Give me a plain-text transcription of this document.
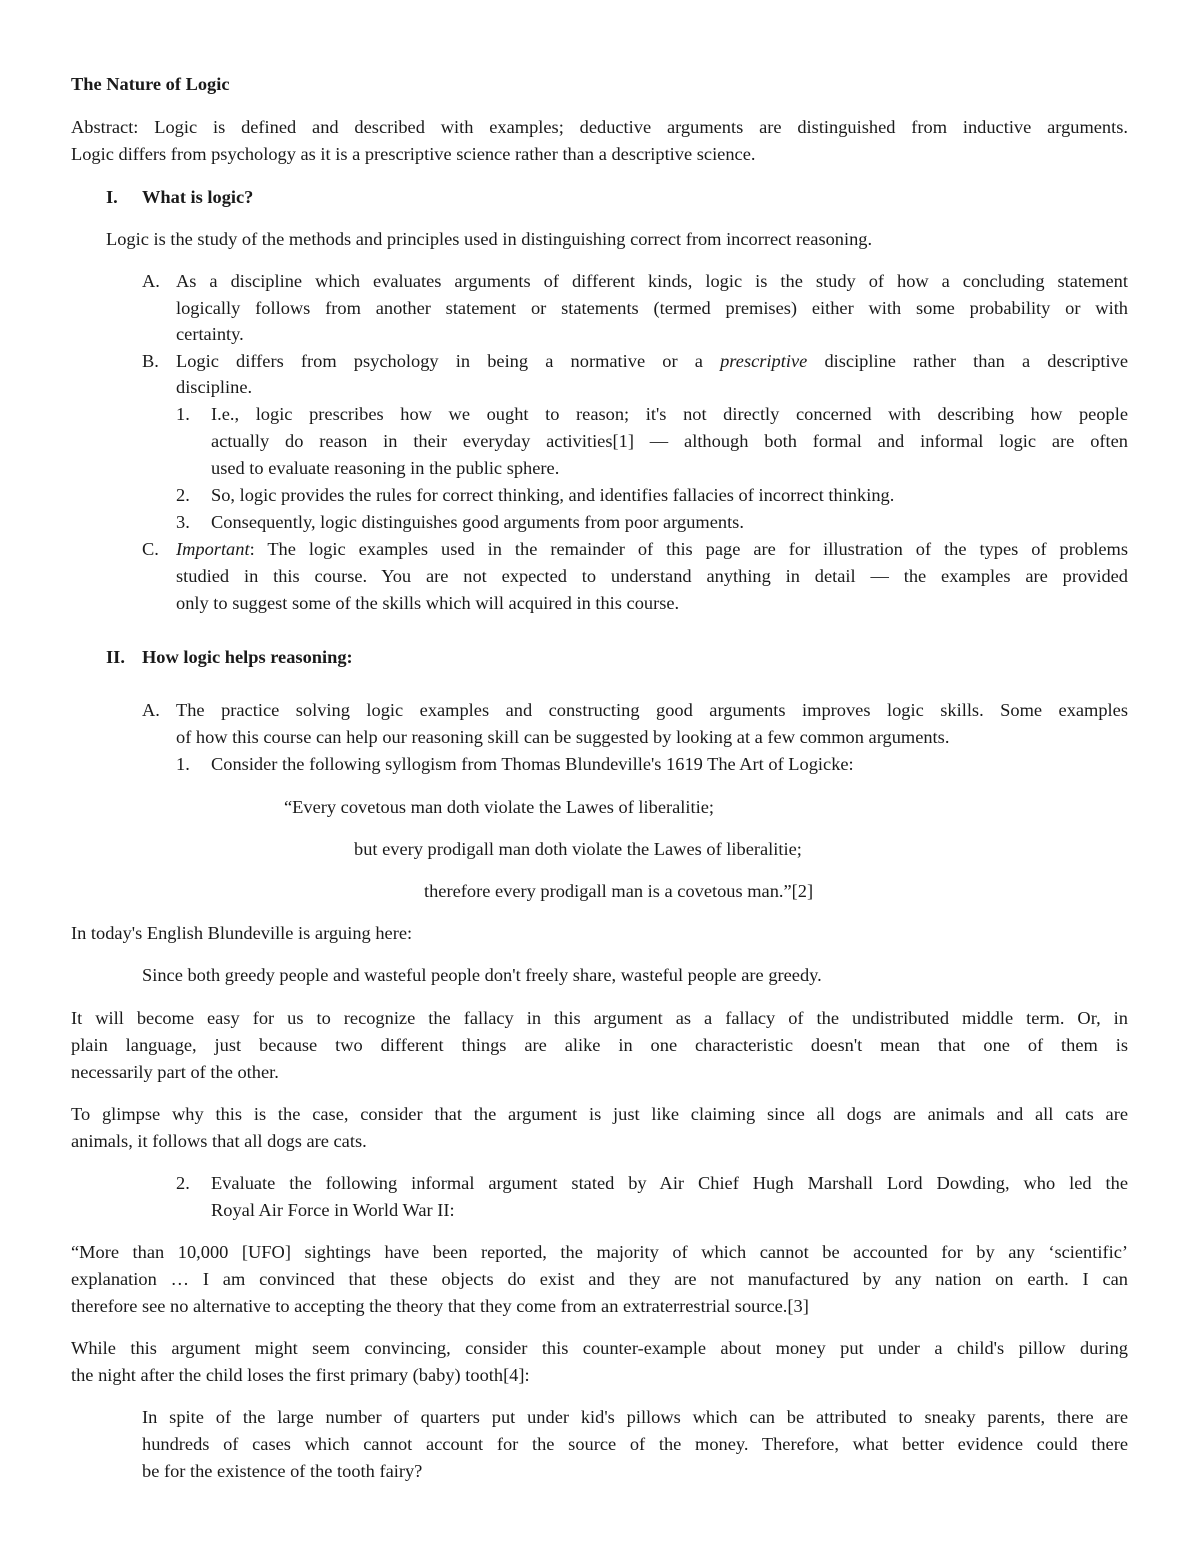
The Nature of Logic
Abstract: Logic is defined and described with examples; deductive arguments are distinguished from inductive arguments.
Logic differs from psychology as it is a prescriptive science rather than a descriptive science.
I. What is logic?
Logic is the study of the methods and principles used in distinguishing correct from incorrect reasoning.
A. As a discipline which evaluates arguments of different kinds, logic is the study of how a concluding statement
logically follows from another statement or statements (termed premises) either with some probability or with
certainty.
B. Logic differs from psychology in being a normative or a prescriptive discipline rather than a descriptive
discipline.
1. I.e., logic prescribes how we ought to reason; it's not directly concerned with describing how people
actually do reason in their everyday activities[1] — although both formal and informal logic are often
used to evaluate reasoning in the public sphere.
2. So, logic provides the rules for correct thinking, and identifies fallacies of incorrect thinking.
3. Consequently, logic distinguishes good arguments from poor arguments.
C. Important: The logic examples used in the remainder of this page are for illustration of the types of problems
studied in this course. You are not expected to understand anything in detail — the examples are provided
only to suggest some of the skills which will acquired in this course.
II. How logic helps reasoning:
A. The practice solving logic examples and constructing good arguments improves logic skills. Some examples
of how this course can help our reasoning skill can be suggested by looking at a few common arguments.
1. Consider the following syllogism from Thomas Blundeville's 1619 The Art of Logicke:
“Every covetous man doth violate the Lawes of liberalitie;
but every prodigall man doth violate the Lawes of liberalitie;
therefore every prodigall man is a covetous man.”[2]
In today's English Blundeville is arguing here:
Since both greedy people and wasteful people don't freely share, wasteful people are greedy.
It will become easy for us to recognize the fallacy in this argument as a fallacy of the undistributed middle term. Or, in
plain language, just because two different things are alike in one characteristic doesn't mean that one of them is
necessarily part of the other.
To glimpse why this is the case, consider that the argument is just like claiming since all dogs are animals and all cats are
animals, it follows that all dogs are cats.
2. Evaluate the following informal argument stated by Air Chief Hugh Marshall Lord Dowding, who led the
Royal Air Force in World War II:
“More than 10,000 [UFO] sightings have been reported, the majority of which cannot be accounted for by any ‘scientific’
explanation … I am convinced that these objects do exist and they are not manufactured by any nation on earth. I can
therefore see no alternative to accepting the theory that they come from an extraterrestrial source.[3]
While this argument might seem convincing, consider this counter-example about money put under a child's pillow during
the night after the child loses the first primary (baby) tooth[4]:
In spite of the large number of quarters put under kid's pillows which can be attributed to sneaky parents, there are
hundreds of cases which cannot account for the source of the money. Therefore, what better evidence could there
be for the existence of the tooth fairy?
